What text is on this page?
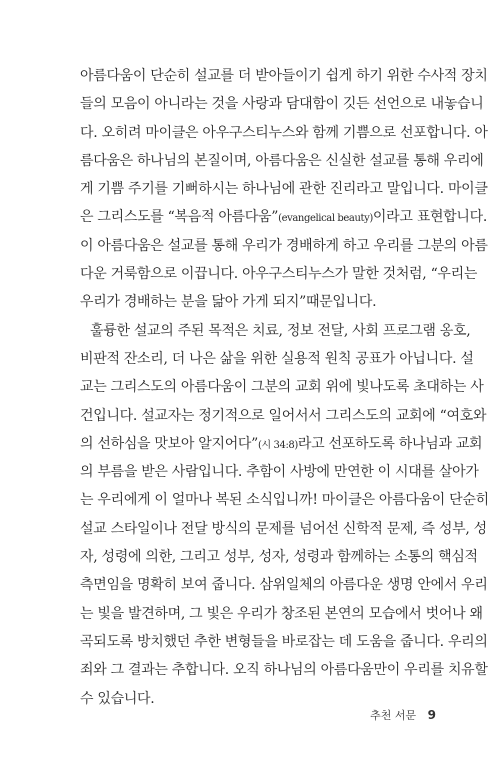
아름다움이 단순히 설교를 더 받아들이기 쉽게 하기 위한 수사적 장치
들의 모음이 아니라는 것을 사랑과 담대함이 깃든 선언으로 내놓습니
다. 오히려 마이클은 아우구스티누스와 함께 기쁨으로 선포합니다. 아
름다움은 하나님의 본질이며, 아름다움은 신실한 설교를 통해 우리에
게 기쁨 주기를 기뻐하시는 하나님에 관한 진리라고 말입니다. 마이클
은 그리스도를 “복음적 아름다움”(evangelical beauty)이라고 표현합니다.
이 아름다움은 설교를 통해 우리가 경배하게 하고 우리를 그분의 아름
다운 거룩함으로 이끕니다. 아우구스티누스가 말한 것처럼, “우리는
우리가 경배하는 분을 닮아 가게 되지”때문입니다.
훌륭한 설교의 주된 목적은 치료, 정보 전달, 사회 프로그램 옹호,
비판적 잔소리, 더 나은 삶을 위한 실용적 원칙 공표가 아닙니다. 설
교는 그리스도의 아름다움이 그분의 교회 위에 빛나도록 초대하는 사
건입니다. 설교자는 정기적으로 일어서서 그리스도의 교회에 “여호와
의 선하심을 맛보아 알지어다”(시 34:8)라고 선포하도록 하나님과 교회
의 부름을 받은 사람입니다. 추함이 사방에 만연한 이 시대를 살아가
는 우리에게 이 얼마나 복된 소식입니까! 마이클은 아름다움이 단순히
설교 스타일이나 전달 방식의 문제를 넘어선 신학적 문제, 즉 성부, 성
자, 성령에 의한, 그리고 성부, 성자, 성령과 함께하는 소통의 핵심적
측면임을 명확히 보여 줍니다. 삼위일체의 아름다운 생명 안에서 우리
는 빛을 발견하며, 그 빛은 우리가 창조된 본연의 모습에서 벗어나 왜
곡되도록 방치했던 추한 변형들을 바로잡는 데 도움을 줍니다. 우리의
죄와 그 결과는 추합니다. 오직 하나님의 아름다움만이 우리를 치유할
수 있습니다.
추천 서문 9
